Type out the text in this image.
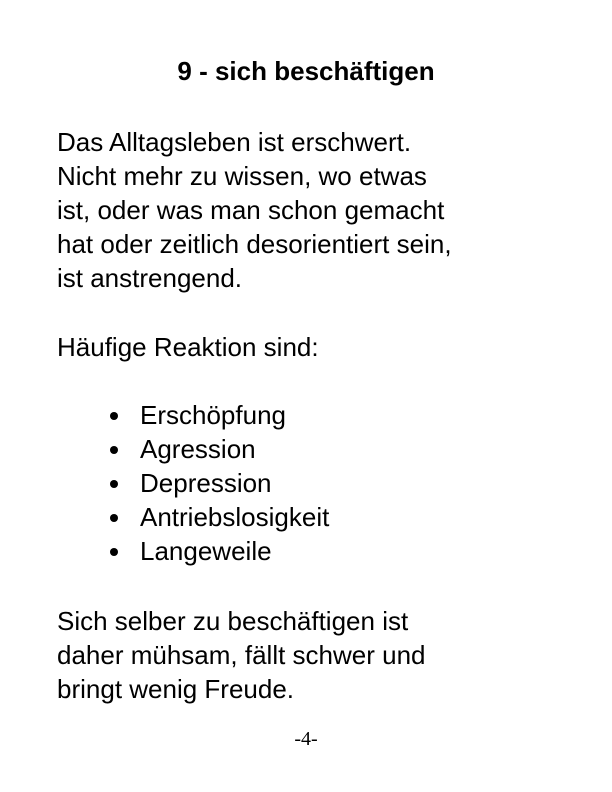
9 - sich beschäftigen

Das Alltagsleben ist erschwert.
Nicht mehr zu wissen, wo etwas
ist, oder was man schon gemacht
hat oder zeitlich desorientiert sein,
ist anstrengend.

Häufige Reaktion sind:

Erschöpfung
Agression
Depression
Antriebslosigkeit
Langeweile

Sich selber zu beschäftigen ist
daher mühsam, fällt schwer und
bringt wenig Freude.

-4-
